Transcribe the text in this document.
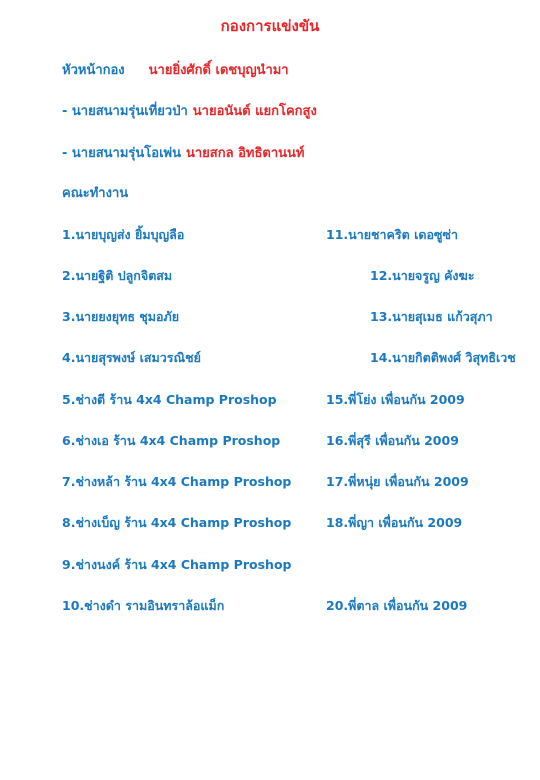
กองการแข่งขัน
หัวหน้ากอง นายยิ่งศักดิ์ เดชบุญนำมา
- นายสนามรุ่นเที่ยวป่า นายอนันต์ แยกโคกสูง
- นายสนามรุ่นโอเพ่น นายสกล อิทธิตานนท์
คณะทำงาน
1.นายบุญส่ง ยิ้มบุญลือ
2.นายฐิติ ปลูกจิตสม
3.นายยงยุทธ ชุมอภัย
4.นายสุรพงษ์ เสมวรณิชย์
5.ช่างตี ร้าน 4x4 Champ Proshop
6.ช่างเอ ร้าน 4x4 Champ Proshop
7.ช่างหล้า ร้าน 4x4 Champ Proshop
8.ช่างเบ็ญ ร้าน 4x4 Champ Proshop
9.ช่างนงค์ ร้าน 4x4 Champ Proshop
10.ช่างดำ รามอินทราล้อแม็ก
11.นายชาคริต เดอซูซ่า
12.นายจรูญ คังฆะ
13.นายสุเมธ แก้วสุภา
14.นายกิตติพงศ์ วิสุทธิเวช
15.พี่โย่ง เพื่อนกัน 2009
16.พี่สุรี เพื่อนกัน 2009
17.พี่หนุ่ย เพื่อนกัน 2009
18.พี่ญา เพื่อนกัน 2009
20.พี่ตาล เพื่อนกัน 2009
